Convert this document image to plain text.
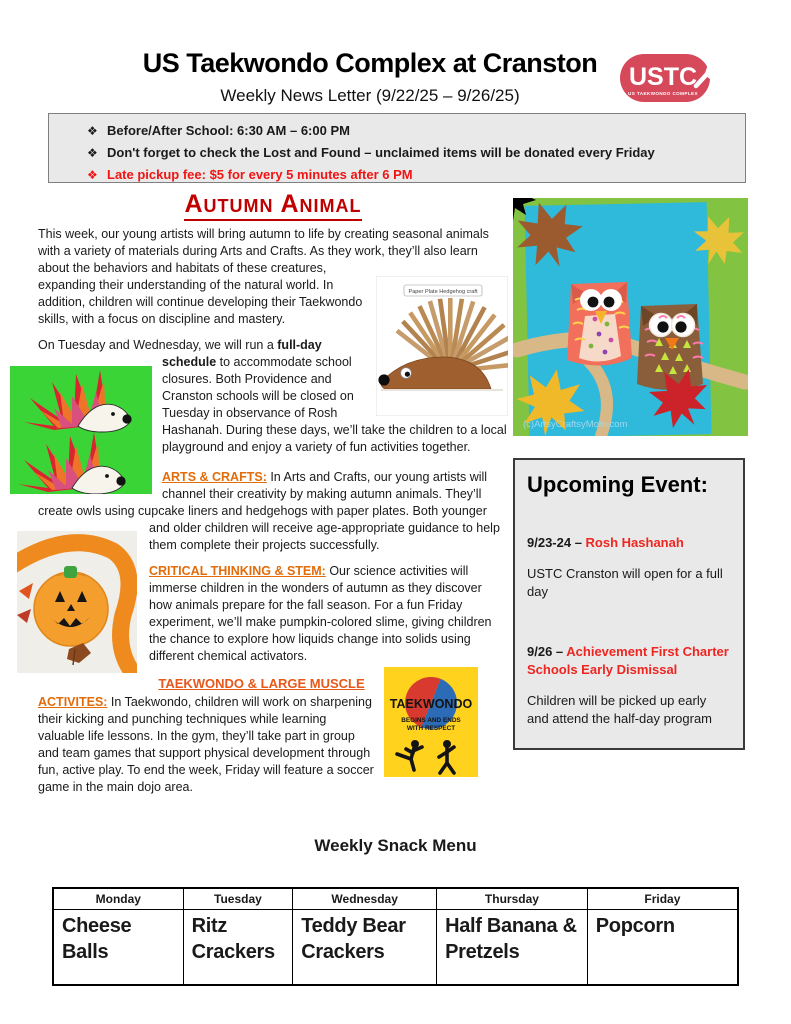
US Taekwondo Complex at Cranston
Weekly News Letter (9/22/25 – 9/26/25)
USTC
US TAEKWONDO COMPLEX
❖ Before/After School: 6:30 AM – 6:00 PM
❖ Don't forget to check the Lost and Found – unclaimed items will be donated every Friday
❖ Late pickup fee: $5 for every 5 minutes after 6 PM
Autumn Animal
Paper Plate Hedgehog craft
This week, our young artists will bring autumn to life by creating seasonal animals with a variety of materials during Arts and Crafts. As they work, they’ll also learn about the behaviors and habitats of these creatures, expanding their understanding of the natural world. In addition, children will continue developing their Taekwondo skills, with a focus on discipline and mastery.
On Tuesday and Wednesday, we will run a full-day schedule to accommodate school closures. Both Providence and Cranston schools will be closed on Tuesday in observance of Rosh Hashanah. During these days, we’ll take the children to a local playground and enjoy a variety of fun activities together.
ARTS & CRAFTS: In Arts and Crafts, our young artists will channel their creativity by making autumn animals. They’ll create owls using cupcake liners and hedgehogs with paper plates. Both younger and older children will receive age-appropriate guidance to help them complete their projects successfully.
CRITICAL THINKING & STEM: Our science activities will immerse children in the wonders of autumn as they discover how animals prepare for the fall season. For a fun Friday experiment, we’ll make pumpkin-colored slime, giving children the chance to explore how liquids change into solids using different chemical activators.
TAEKWONDO
BEGINS AND ENDS
WITH RESPECT
TAEKWONDO & LARGE MUSCLE
ACTIVITES: In Taekwondo, children will work on sharpening their kicking and punching techniques while learning valuable life lessons. In the gym, they’ll take part in group and team games that support physical development through fun, active play. To end the week, Friday will feature a soccer game in the main dojo area.
(c)ArtsyCraftsyMom.com
Upcoming Event:
9/23-24 – Rosh Hashanah
USTC Cranston will open for a full day
9/26 – Achievement First Charter Schools Early Dismissal
Children will be picked up early and attend the half-day program
Weekly Snack Menu
Monday	Tuesday	Wednesday	Thursday	Friday
Cheese Balls	Ritz Crackers	Teddy Bear Crackers	Half Banana & Pretzels	Popcorn
